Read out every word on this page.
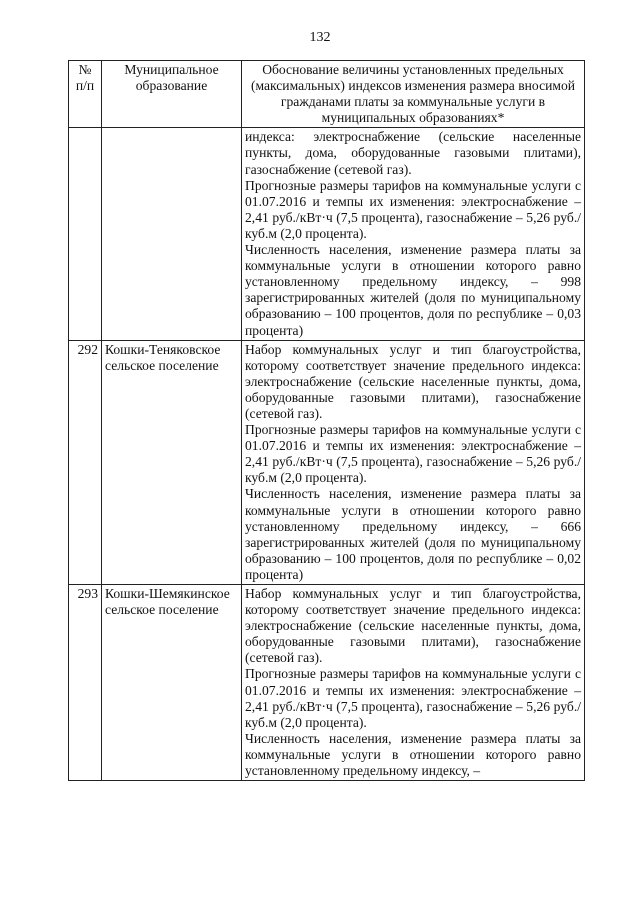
132
№
п/п	Муниципальное образование	Обоснование величины установленных предельных (максимальных) индексов изменения размера вносимой гражданами платы за коммунальные услуги в муниципальных образованиях*

		индекса: электроснабжение (сельские населенные пункты, дома, оборудованные газовыми плитами), газоснабжение (сетевой газ).

Прогнозные размеры тарифов на коммунальные услуги с 01.07.2016 и темпы их изменения: электроснабжение – 2,41 руб./кВт·ч (7,5 процента), газоснабжение – 5,26 руб./куб.м (2,0 процента).

Численность населения, изменение размера платы за коммунальные услуги в отношении которого равно установленному предельному индексу, – 998 зарегистрированных жителей (доля по муниципальному образованию – 100 процентов, доля по республике – 0,03 процента)

292	Кошки-Теняковское сельское поселение	Набор коммунальных услуг и тип благоустройства, которому соответствует значение предельного индекса: электроснабжение (сельские населенные пункты, дома, оборудованные газовыми плитами), газоснабжение (сетевой газ).

Прогнозные размеры тарифов на коммунальные услуги с 01.07.2016 и темпы их изменения: электроснабжение – 2,41 руб./кВт·ч (7,5 процента), газоснабжение – 5,26 руб./куб.м (2,0 процента).

Численность населения, изменение размера платы за коммунальные услуги в отношении которого равно установленному предельному индексу, – 666 зарегистрированных жителей (доля по муниципальному образованию – 100 процентов, доля по республике – 0,02 процента)

293	Кошки-Шемякинское сельское поселение	Набор коммунальных услуг и тип благоустройства, которому соответствует значение предельного индекса: электроснабжение (сельские населенные пункты, дома, оборудованные газовыми плитами), газоснабжение (сетевой газ).

Прогнозные размеры тарифов на коммунальные услуги с 01.07.2016 и темпы их изменения: электроснабжение – 2,41 руб./кВт·ч (7,5 процента), газоснабжение – 5,26 руб./куб.м (2,0 процента).

Численность населения, изменение размера платы за коммунальные услуги в отношении которого равно установленному предельному индексу, –
